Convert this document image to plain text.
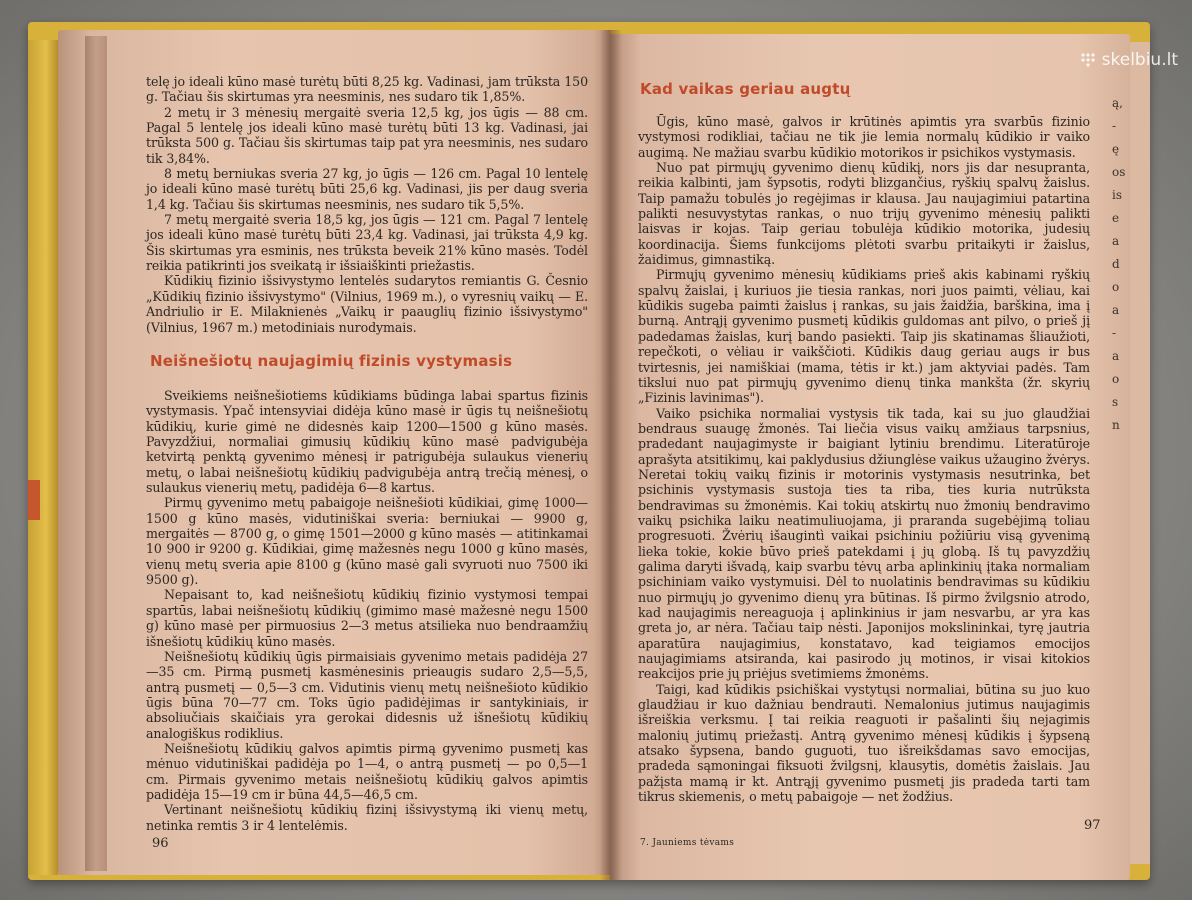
telę jo ideali kūno masė turėtų būti 8,25 kg. Vadinasi, jam trūksta 150 g. Tačiau šis skirtumas yra neesminis, nes sudaro tik 1,85%.

2 metų ir 3 mėnesių mergaitė sveria 12,5 kg, jos ūgis — 88 cm. Pagal 5 lentelę jos ideali kūno masė turėtų būti 13 kg. Vadinasi, jai trūksta 500 g. Tačiau šis skirtumas taip pat yra neesminis, nes sudaro tik 3,84%.

8 metų berniukas sveria 27 kg, jo ūgis — 126 cm. Pagal 10 lentelę jo ideali kūno masė turėtų būti 25,6 kg. Vadinasi, jis per daug sveria 1,4 kg. Tačiau šis skirtumas neesminis, nes sudaro tik 5,5%.

7 metų mergaitė sveria 18,5 kg, jos ūgis — 121 cm. Pagal 7 lentelę jos ideali kūno masė turėtų būti 23,4 kg. Vadinasi, jai trūksta 4,9 kg. Šis skirtumas yra esminis, nes trūksta beveik 21% kūno masės. Todėl reikia patikrinti jos sveikatą ir išsiaiškinti priežastis.

Kūdikių fizinio išsivystymo lentelės sudarytos remiantis G. Česnio „Kūdikių fizinio išsivystymo" (Vilnius, 1969 m.), o vyresnių vaikų — E. Andriulio ir E. Milaknienės „Vaikų ir paauglių fizinio išsivystymo" (Vilnius, 1967 m.) metodiniais nurodymais.

Neišnešiotų naujagimių fizinis vystymasis

Sveikiems neišnešiotiems kūdikiams būdinga labai spartus fizinis vystymasis. Ypač intensyviai didėja kūno masė ir ūgis tų neišnešiotų kūdikių, kurie gimė ne didesnės kaip 1200—1500 g kūno masės. Pavyzdžiui, normaliai gimusių kūdikių kūno masė padvigubėja ketvirtą penktą gyvenimo mėnesį ir patrigubėja sulaukus vienerių metų, o labai neišnešiotų kūdikių padvigubėja antrą trečią mėnesį, o sulaukus vienerių metų, padidėja 6—8 kartus.

Pirmų gyvenimo metų pabaigoje neišnešioti kūdikiai, gimę 1000—1500 g kūno masės, vidutiniškai sveria: berniukai — 9900 g, mergaitės — 8700 g, o gimę 1501—2000 g kūno masės — atitinkamai 10 900 ir 9200 g. Kūdikiai, gimę mažesnės negu 1000 g kūno masės, vienų metų sveria apie 8100 g (kūno masė gali svyruoti nuo 7500 iki 9500 g).

Nepaisant to, kad neišnešiotų kūdikių fizinio vystymosi tempai spartūs, labai neišnešiotų kūdikių (gimimo masė mažesnė negu 1500 g) kūno masė per pirmuosius 2—3 metus atsilieka nuo bendraamžių išnešiotų kūdikių kūno masės.

Neišnešiotų kūdikių ūgis pirmaisiais gyvenimo metais padidėja 27—35 cm. Pirmą pusmetį kasmėnesinis prieaugis sudaro 2,5—5,5, antrą pusmetį — 0,5—3 cm. Vidutinis vienų metų neišnešioto kūdikio ūgis būna 70—77 cm. Toks ūgio padidėjimas ir santykiniais, ir absoliučiais skaičiais yra gerokai didesnis už išnešiotų kūdikių analogiškus rodiklius.

Neišnešiotų kūdikių galvos apimtis pirmą gyvenimo pusmetį kas mėnuo vidutiniškai padidėja po 1—4, o antrą pusmetį — po 0,5—1 cm. Pirmais gyvenimo metais neišnešiotų kūdikių galvos apimtis padidėja 15—19 cm ir būna 44,5—46,5 cm.

Vertinant neišnešiotų kūdikių fizinį išsivystymą iki vienų metų, netinka remtis 3 ir 4 lentelėmis.

96
Kad vaikas geriau augtų

Ūgis, kūno masė, galvos ir krūtinės apimtis yra svarbūs fizinio vystymosi rodikliai, tačiau ne tik jie lemia normalų kūdikio ir vaiko augimą. Ne mažiau svarbu kūdikio motorikos ir psichikos vystymasis.

Nuo pat pirmųjų gyvenimo dienų kūdikį, nors jis dar nesupranta, reikia kalbinti, jam šypsotis, rodyti blizgančius, ryškių spalvų žaislus. Taip pamažu tobulės jo regėjimas ir klausa. Jau naujagimiui patartina palikti nesuvystytas rankas, o nuo trijų gyvenimo mėnesių palikti laisvas ir kojas. Taip geriau tobulėja kūdikio motorika, judesių koordinacija. Šiems funkcijoms plėtoti svarbu pritaikyti ir žaislus, žaidimus, gimnastiką.

Pirmųjų gyvenimo mėnesių kūdikiams prieš akis kabinami ryškių spalvų žaislai, į kuriuos jie tiesia rankas, nori juos paimti, vėliau, kai kūdikis sugeba paimti žaislus į rankas, su jais žaidžia, barškina, ima į burną. Antrąjį gyvenimo pusmetį kūdikis guldomas ant pilvo, o prieš jį padedamas žaislas, kurį bando pasiekti. Taip jis skatinamas šliaužioti, repečkoti, o vėliau ir vaikščioti. Kūdikis daug geriau augs ir bus tvirtesnis, jei namiškiai (mama, tėtis ir kt.) jam aktyviai padės. Tam tikslui nuo pat pirmųjų gyvenimo dienų tinka mankšta (žr. skyrių „Fizinis lavinimas").

Vaiko psichika normaliai vystysis tik tada, kai su juo glaudžiai bendraus suaugę žmonės. Tai liečia visus vaikų amžiaus tarpsnius, pradedant naujagimyste ir baigiant lytiniu brendimu. Literatūroje aprašyta atsitikimų, kai paklydusius džiunglėse vaikus užaugino žvėrys. Neretai tokių vaikų fizinis ir motorinis vystymasis nesutrinka, bet psichinis vystymasis sustoja ties ta riba, ties kuria nutrūksta bendravimas su žmonėmis. Kai tokių atskirtų nuo žmonių bendravimo vaikų psichika laiku neatimuliuojama, ji praranda sugebėjimą toliau progresuoti. Žvėrių išaugintì vaikai psichiniu požiūriu visą gyvenimą lieka tokie, kokie būvo prieš patekdami į jų globą. Iš tų pavyzdžių galima daryti išvadą, kaip svarbu tėvų arba aplinkinių įtaka normaliam psichiniam vaiko vystymuisi. Dėl to nuolatinis bendravimas su kūdikiu nuo pirmųjų jo gyvenimo dienų yra būtinas. Iš pirmo žvilgsnio atrodo, kad naujagimis nereaguoja į aplinkinius ir jam nesvarbu, ar yra kas greta jo, ar nėra. Tačiau taip nėsti. Japonijos mokslininkai, tyrę jautria aparatūra naujagimius, konstatavo, kad teigiamos emocijos naujagimiams atsiranda, kai pasirodo jų motinos, ir visai kitokios reakcijos prie jų priėjus svetimiems žmonėms.

Taigi, kad kūdikis psichiškai vystytųsi normaliai, būtina su juo kuo glaudžiau ir kuo dažniau bendrauti. Nemalonius jutimus naujagimis išreiškia verksmu. Į tai reikia reaguoti ir pašalinti šių nejagimis malonių jutimų priežastį. Antrą gyvenimo mėnesį kūdikis į šypseną atsako šypsena, bando guguoti, tuo išreikšdamas savo emocijas, pradeda sąmoningai fiksuoti žvilgsnį, klausytis, domėtis žaislais. Jau pažįsta mamą ir kt. Antrąjį gyvenimo pusmetį jis pradeda tarti tam tikrus skiemenis, o metų pabaigoje — net žodžius.

7. Jauniems tėvams
97
ą,
-
ę
os
is
e
a
d
o
a
-
a
o
s
n
skelbiu.lt
